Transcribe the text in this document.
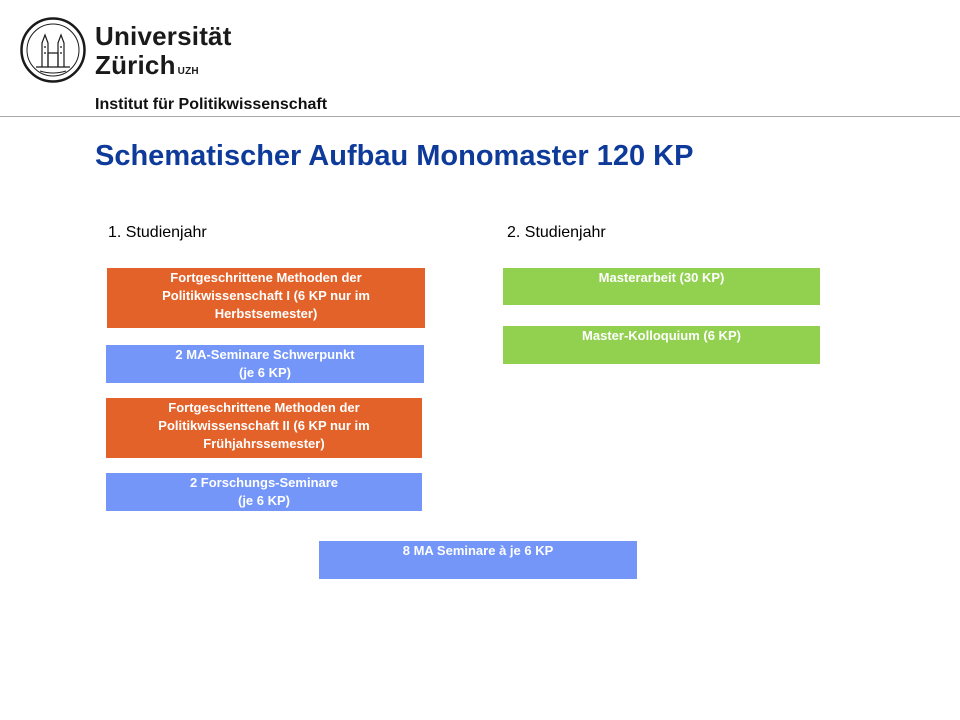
Universität
Zürich $^{UZH}$
Institut für Politikwissenschaft
Schematischer Aufbau Monomaster 120 KP
1. Studienjahr	2. Studienjahr
Fortgeschrittene Methoden der
Politikwissenschaft I (6 KP nur im
Herbstsemester)
2 MA-Seminare Schwerpunkt
(je 6 KP)
Fortgeschrittene Methoden der
Politikwissenschaft II (6 KP nur im
Frühjahrssemester)
2 Forschungs-Seminare
(je 6 KP)
Masterarbeit (30 KP)
Master-Kolloquium (6 KP)
8 MA Seminare à je 6 KP
